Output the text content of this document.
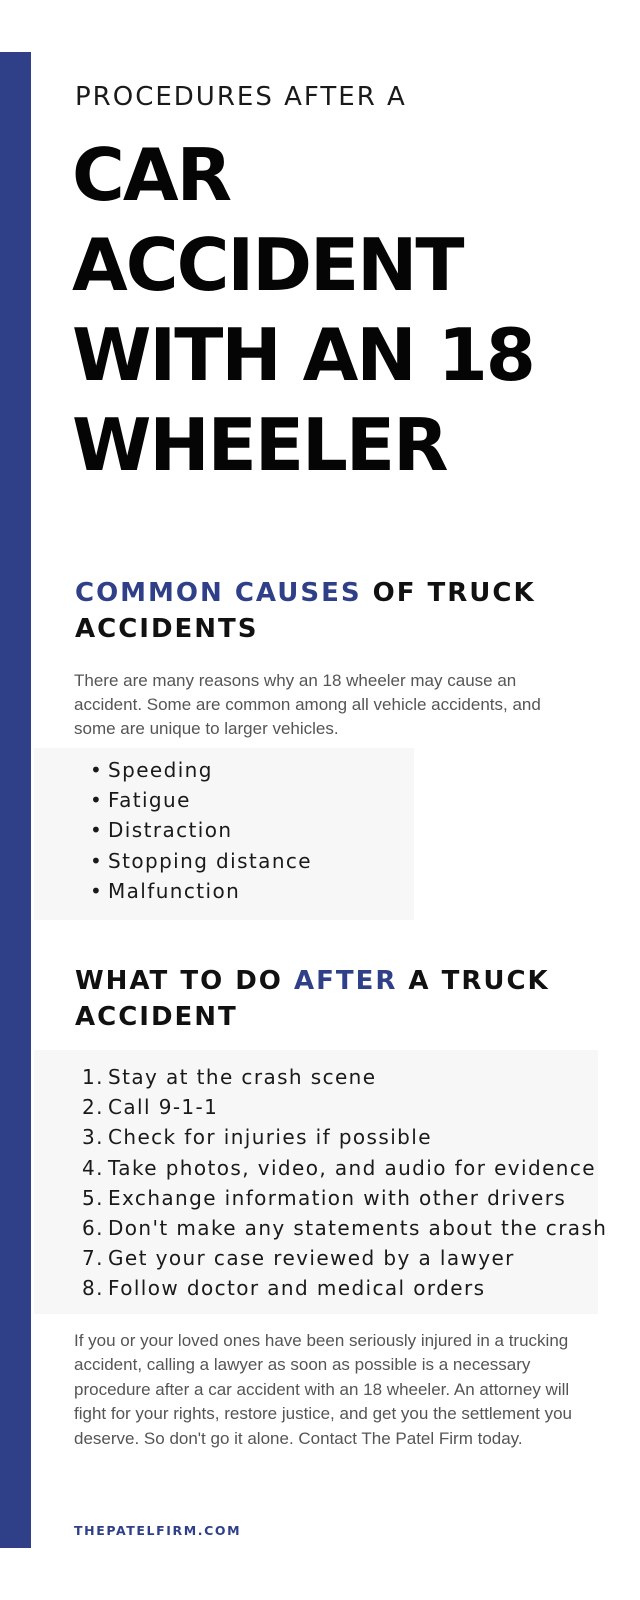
PROCEDURES AFTER A
CAR
ACCIDENT
WITH AN 18
WHEELER
COMMON CAUSES OF TRUCK
ACCIDENTS

There are many reasons why an 18 wheeler may cause an accident. Some are common among all vehicle accidents, and some are unique to larger vehicles.

• Speeding
• Fatigue
• Distraction
• Stopping distance
• Malfunction
WHAT TO DO AFTER A TRUCK
ACCIDENT
1. Stay at the crash scene
2. Call 9-1-1
3. Check for injuries if possible
4. Take photos, video, and audio for evidence
5. Exchange information with other drivers
6. Don't make any statements about the crash
7. Get your case reviewed by a lawyer
8. Follow doctor and medical orders

If you or your loved ones have been seriously injured in a trucking accident, calling a lawyer as soon as possible is a necessary procedure after a car accident with an 18 wheeler. An attorney will fight for your rights, restore justice, and get you the settlement you deserve. So don't go it alone. Contact The Patel Firm today.

THEPATELFIRM.COM
